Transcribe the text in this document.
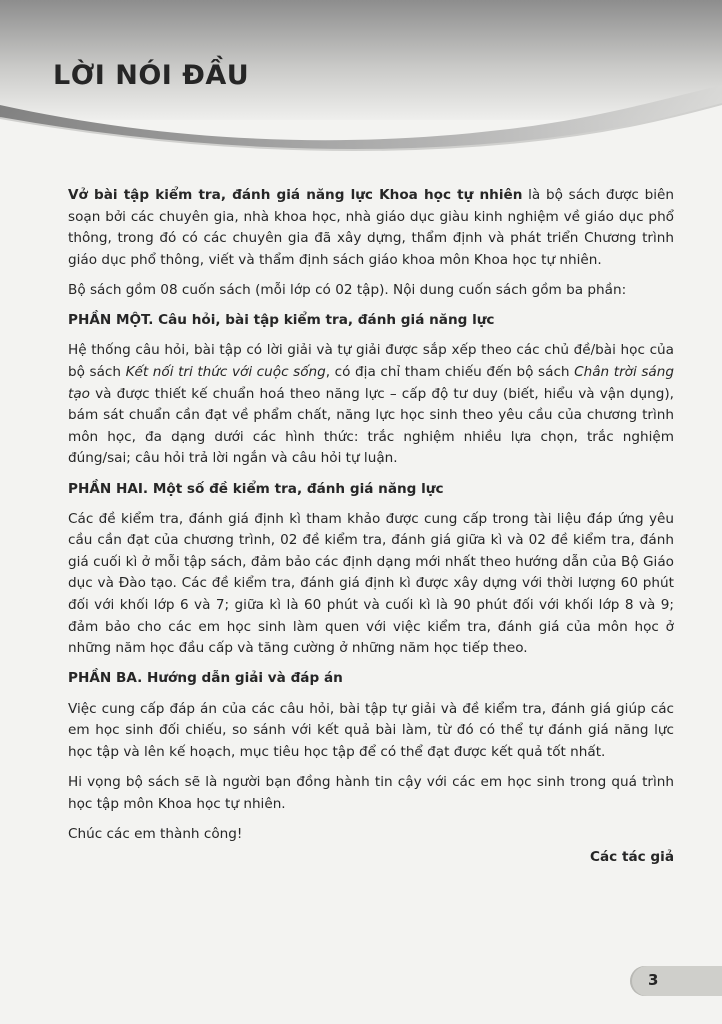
LỜI NÓI ĐẦU

Vở bài tập kiểm tra, đánh giá năng lực Khoa học tự nhiên là bộ sách được biên soạn bởi các chuyên gia, nhà khoa học, nhà giáo dục giàu kinh nghiệm về giáo dục phổ thông, trong đó có các chuyên gia đã xây dựng, thẩm định và phát triển Chương trình giáo dục phổ thông, viết và thẩm định sách giáo khoa môn Khoa học tự nhiên.

Bộ sách gồm 08 cuốn sách (mỗi lớp có 02 tập). Nội dung cuốn sách gồm ba phần:

PHẦN MỘT. Câu hỏi, bài tập kiểm tra, đánh giá năng lực

Hệ thống câu hỏi, bài tập có lời giải và tự giải được sắp xếp theo các chủ đề/bài học của bộ sách Kết nối tri thức với cuộc sống, có địa chỉ tham chiếu đến bộ sách Chân trời sáng tạo và được thiết kế chuẩn hoá theo năng lực – cấp độ tư duy (biết, hiểu và vận dụng), bám sát chuẩn cần đạt về phẩm chất, năng lực học sinh theo yêu cầu của chương trình môn học, đa dạng dưới các hình thức: trắc nghiệm nhiều lựa chọn, trắc nghiệm đúng/sai; câu hỏi trả lời ngắn và câu hỏi tự luận.

PHẦN HAI. Một số đề kiểm tra, đánh giá năng lực

Các đề kiểm tra, đánh giá định kì tham khảo được cung cấp trong tài liệu đáp ứng yêu cầu cần đạt của chương trình, 02 đề kiểm tra, đánh giá giữa kì và 02 đề kiểm tra, đánh giá cuối kì ở mỗi tập sách, đảm bảo các định dạng mới nhất theo hướng dẫn của Bộ Giáo dục và Đào tạo. Các đề kiểm tra, đánh giá định kì được xây dựng với thời lượng 60 phút đối với khối lớp 6 và 7; giữa kì là 60 phút và cuối kì là 90 phút đối với khối lớp 8 và 9; đảm bảo cho các em học sinh làm quen với việc kiểm tra, đánh giá của môn học ở những năm học đầu cấp và tăng cường ở những năm học tiếp theo.

PHẦN BA. Hướng dẫn giải và đáp án

Việc cung cấp đáp án của các câu hỏi, bài tập tự giải và đề kiểm tra, đánh giá giúp các em học sinh đối chiếu, so sánh với kết quả bài làm, từ đó có thể tự đánh giá năng lực học tập và lên kế hoạch, mục tiêu học tập để có thể đạt được kết quả tốt nhất.

Hi vọng bộ sách sẽ là người bạn đồng hành tin cậy với các em học sinh trong quá trình học tập môn Khoa học tự nhiên.

Chúc các em thành công!

Các tác giả
3
